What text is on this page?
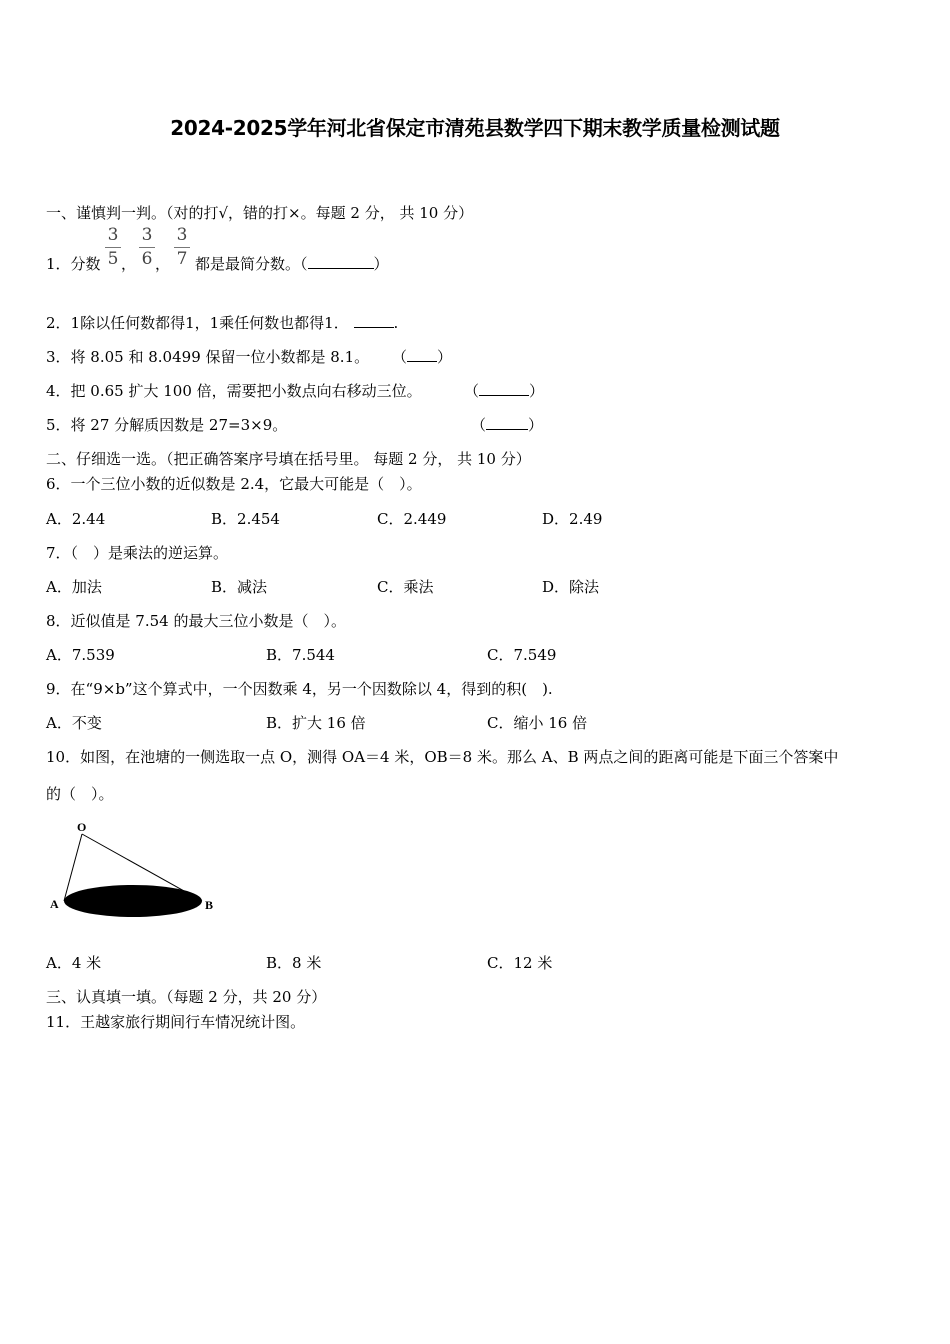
2024-2025学年河北省保定市清苑县数学四下期末教学质量检测试题
一、谨慎判一判。（对的打√，错的打×。每题 2 分， 共 10 分）
1．分数
3
5 ，
3
6 ，
3
7 都是最简分数。（	）
2．1除以任何数都得1，1乘任何数也都得1．	.
3．将 8.05 和 8.0499 保留一位小数都是 8.1。 （ ）
4．把 0.65 扩大 100 倍，需要把小数点向右移动三位。	（	）
5．将 27 分解质因数是 27=3×9。	（	）
二、仔细选一选。（把正确答案序号填在括号里。 每题 2 分， 共 10 分）
6．一个三位小数的近似数是 2.4，它最大可能是（　）。
A．2.44	B．2.454	C．2.449	D．2.49
7．（　）是乘法的逆运算。
A．加法	B．减法	C．乘法	D．除法
8．近似值是 7.54 的最大三位小数是（　）。
A．7.539	B．7.544	C．7.549
9．在“9×b”这个算式中，一个因数乘 4，另一个因数除以 4，得到的积(　).
A．不变	B．扩大 16 倍	C．缩小 16 倍
10．如图，在池塘的一侧选取一点 O，测得 OA＝4 米，OB＝8 米。那么 A、B 两点之间的距离可能是下面三个答案中
的（　）。
O
A	B
A．4 米	B．8 米	C．12 米
三、认真填一填。（每题 2 分，共 20 分）
11．王越家旅行期间行车情况统计图。
